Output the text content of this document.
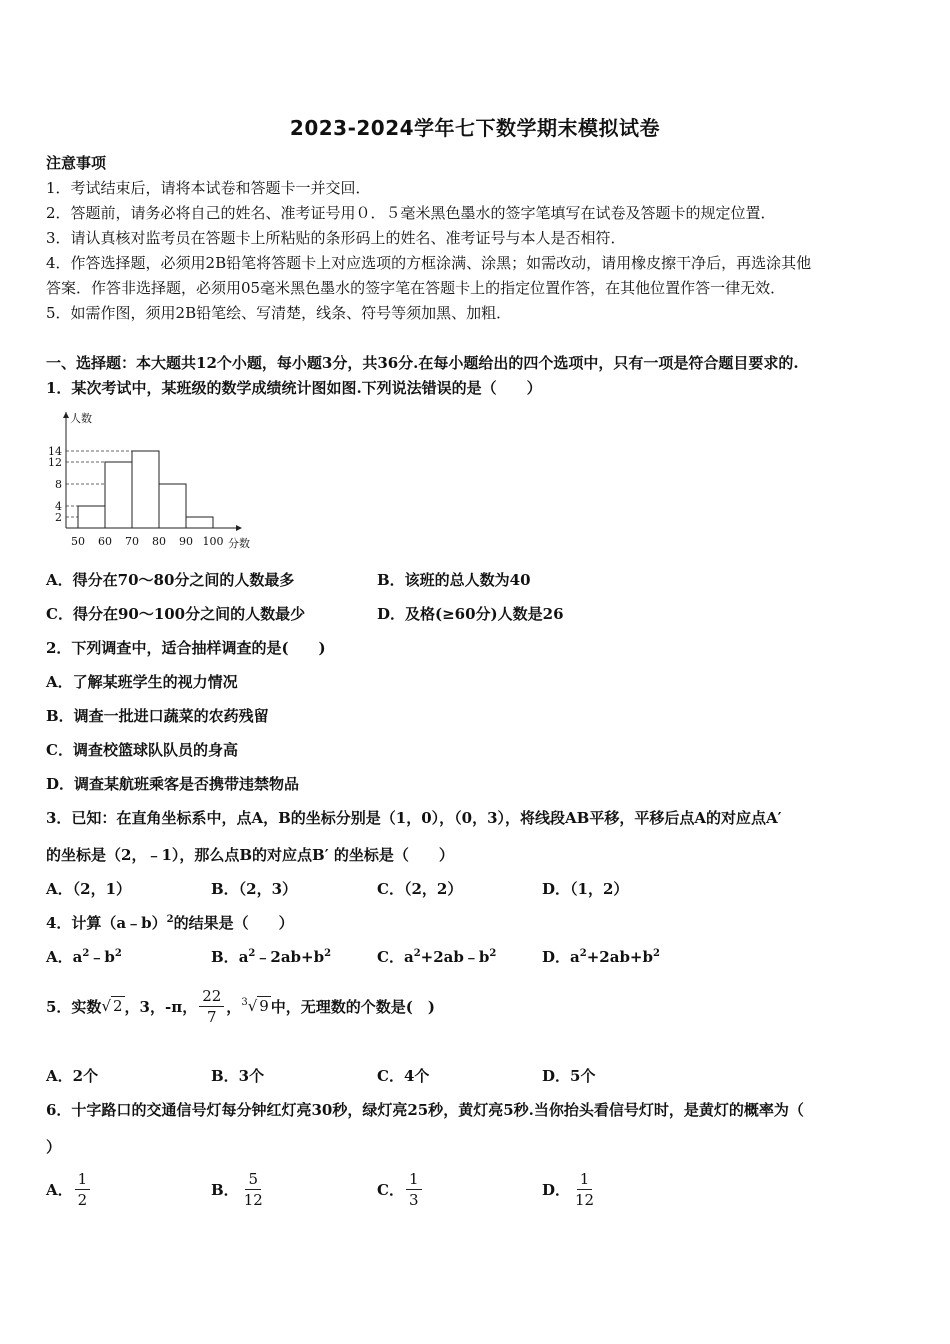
2023-2024学年七下数学期末模拟试卷
注意事项
1．考试结束后，请将本试卷和答题卡一并交回．
2．答题前，请务必将自己的姓名、准考证号用０．５毫米黑色墨水的签字笔填写在试卷及答题卡的规定位置．
3．请认真核对监考员在答题卡上所粘贴的条形码上的姓名、准考证号与本人是否相符．
4．作答选择题，必须用2B铅笔将答题卡上对应选项的方框涂满、涂黑；如需改动，请用橡皮擦干净后，再选涂其他
答案．作答非选择题，必须用05毫米黑色墨水的签字笔在答题卡上的指定位置作答，在其他位置作答一律无效．
5．如需作图，须用2B铅笔绘、写清楚，线条、符号等须加黑、加粗．
一、选择题：本大题共12个小题，每小题3分，共36分.在每小题给出的四个选项中，只有一项是符合题目要求的.
1．某次考试中，某班级的数学成绩统计图如图.下列说法错误的是（　　）
2
4
8
12
14
50 60 70 80 90 100
人数
分数
A．得分在70～80分之间的人数最多	B．该班的总人数为40
C．得分在90～100分之间的人数最少	D．及格(≥60分)人数是26
2．下列调查中，适合抽样调查的是(　　)
A．了解某班学生的视力情况
B．调查一批进口蔬菜的农药残留
C．调查校篮球队队员的身高
D．调查某航班乘客是否携带违禁物品
3．已知：在直角坐标系中，点A，B的坐标分别是（1，0），（0，3），将线段AB平移，平移后点A的对应点A′
的坐标是（2，﹣1），那么点B的对应点B′ 的坐标是（　　）
A．（2，1）	B．（2，3）	C．（2，2）	D．（1，2）
4．计算（a﹣b）$^2$的结果是（　　）
A．$a^2﹣b^2$	B．$a^2﹣2ab+b^2$	C．$a^2+2ab﹣b^2$	D．$a^2+2ab+b^2$
5．实数 √ 2 ，3，-π， $\frac{22}{7}$ ， $^3$√ 9 中，无理数的个数是(　)
A．2个	B．3个	C．4个	D．5个
6．十字路口的交通信号灯每分钟红灯亮30秒，绿灯亮25秒，黄灯亮5秒.当你抬头看信号灯时，是黄灯的概率为（
）
A． $\frac{1}{2}$	B． $\frac{5}{12}$	C． $\frac{1}{3}$	D． $\frac{1}{12}$
